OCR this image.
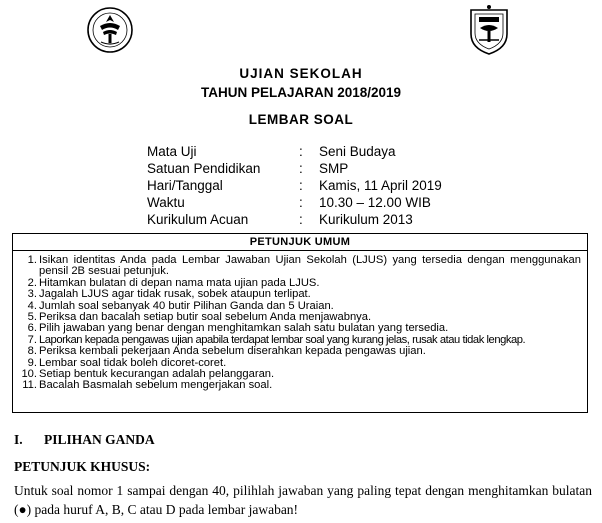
UJIAN SEKOLAH
TAHUN PELAJARAN 2018/2019
LEMBAR SOAL
Mata Uji	: Seni Budaya
Satuan Pendidikan	: SMP
Hari/Tanggal	: Kamis, 11 April 2019
Waktu	: 10.30 – 12.00 WIB
Kurikulum Acuan	: Kurikulum 2013
PETUNJUK UMUM
1. Isikan identitas Anda pada Lembar Jawaban Ujian Sekolah (LJUS) yang tersedia dengan menggunakan pensil 2B sesuai petunjuk.
2. Hitamkan bulatan di depan nama mata ujian pada LJUS.
3. Jagalah LJUS agar tidak rusak, sobek ataupun terlipat.
4. Jumlah soal sebanyak 40 butir Pilihan Ganda dan 5 Uraian.
5. Periksa dan bacalah setiap butir soal sebelum Anda menjawabnya.
6. Pilih jawaban yang benar dengan menghitamkan salah satu bulatan yang tersedia.
7. Laporkan kepada pengawas ujian apabila terdapat lembar soal yang kurang jelas, rusak atau tidak lengkap.
8. Periksa kembali pekerjaan Anda sebelum diserahkan kepada pengawas ujian.
9. Lembar soal tidak boleh dicoret-coret.
10. Setiap bentuk kecurangan adalah pelanggaran.
11. Bacalah Basmalah sebelum mengerjakan soal.
I. PILIHAN GANDA
PETUNJUK KHUSUS:
Untuk soal nomor 1 sampai dengan 40, pilihlah jawaban yang paling tepat dengan menghitamkan bulatan (●) pada huruf A, B, C atau D pada lembar jawaban!
